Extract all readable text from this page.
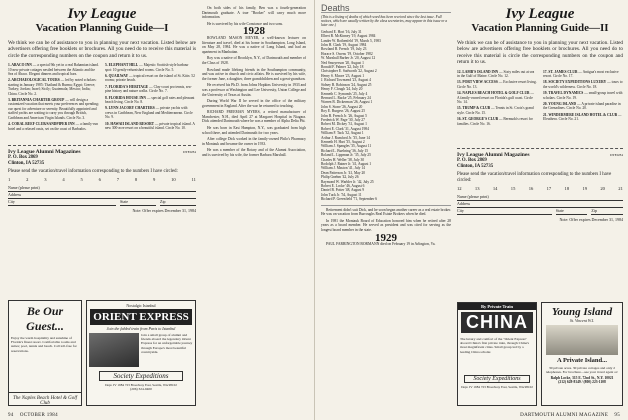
Ivy League
Vacation Planning Guide—I
We think we can be of assistance to you in planning your next vacation. Listed below are advertisers offering free booklets or brochures. All you need do to receive this material is circle the corresponding numbers on the coupon and return it to us.

1. ABACO INN — a special 9th yet in a real Bahamian island. 10 new private cottages nestled between the Atlantic and the Sea of Abaco. Elegant dinners and tropical bars.

2. ARCHAEOLOGICAL TOURS — led by noted scholars: starting in January 1985: Thailand & Burma; Egypt; Greece; Turkey; Jordan; Israel; Sicily; Guatemala; Mexico; India; China. Circle No. 2.

3. BRITANNIA CHARTER GROUP — will design a customized vacation that meets your preferences and spending; our quest for adventure or serenity. Beautifully appointed and staffed yachts are waiting to carry you through British, Caribbean and American Virgin Islands. Circle No. 3.

4. CORAL REEF CLUB/SANDPIPER INN — a family-run hotel and a relaxed oasis, set on the coast of Barbados.

5. ELEPHANT HILL — Majestic Scottish-style harbour spot: 10 gently-refurnished rooms. Circle No. 5.

6. QUAILWAY — tropical resort on the island of St. Kitts: 52 rooms; private beach.

7. FLORIDA'S HERITAGE — Clay-court pro tennis, sea-pine history and nature walks. Circle No. 7.

8. FLORIDA HOUSE INN — special golf rates and pleasant beach living. Circle No. 8.

9. LYNN JACOBY CHARTERS — private yachts with crews in Caribbean, New England and Mediterranean. Circle No. 9.

10. HAWAII ISLAND RESORT — private tropical island. A new 300-acre resort on a beautiful island. Circle No. 10.

Ivy League Alumni Magazines
P. O. Box 2869
Clinton, IA 52735
DTE0/84
Please send the vacation/travel information corresponding to the numbers I have circled:
1	2	3	4	5	6	7	8	9	10	11
Name (please print)
Address
City	State	Zip
Note: Offer expires December 31, 1984

On both sides of his family, Ben was a fourth-generation Dartmouth graduate. A true "Booker" will carry much more information.

He is survived by his wife Constance and two sons.

1928

ROWLAND MASON MEYER, a well-known lecturer on literature and travel, died at his home in Southampton, Long Island, on May 28, 1984. He was a native of Long Island, and had an apartment in Manhattan.

Roy was a native of Brooklyn, N.Y., of Dartmouth and member of the Class of 1928.

Rowland made lifelong friends in the Southampton community, and was active in church and civic affairs. He is survived by his wife, the former Jane, a daughter, three grandchildren and a great-grandson.

He received his Ph.D. from Johns Hopkins University in 1933 and was a professor at Washington and Lee University, Union College and the University of Texas at Austin.

During World War II he served in the office of the military government in England. After the war he returned to teaching.

RICHARD FREEMAN MYERS, a retired manufacturer of Manchester, N.H., died April 27 at Margaret Hospital in Niagara. Dick attended Dartmouth where he was a member of Alpha Delta Phi.

He was born in East Hampton, N.Y., was graduated from high school there, and attended Dartmouth for two years.

After college Dick worked in the family-owned Philo's Pharmacy in Montauk and became the owner in 1933.

He was a member of the Rotary and of the Alumni Association, and is survived by his wife, the former Barbara Marshall.

Be Our Guest...
Enjoy the warm hospitality and sunshine of Florida's finest resort. Comfortable rooms and suites; pool, tennis and beach. Call toll-free for reservations.
The Naples Beach Hotel & Golf Club
Nostalgic Istanbul
ORIENT EXPRESS
Join the fabled train from Paris to Istanbul
Join a small group of alumni and friends aboard the legendary Orient Express for an unforgettable journey through Europe's most beautiful countryside.
Society Expeditions
Dept. IV 1984 723 Broadway East, Seattle, WA 98102
(206) 324-9400
94 OCTOBER 1984
Deaths
(This is a listing of deaths of which word has been received since the last issue. Full notices, which are usually written by the class secretaries, may appear in this issue or a later one.)
Gerhard E. Hort '16, July 31
Elbert B. McKinney '19, August 1984
Lander W. Rothenfeld '19, March 5, 1983
John H. Clark '19, August 1984
Rowland B. French '19, July 23
Horace S. Owens '19, October 1982
W. Marshall Barber Jr. '20, August 12
Ned Smoyerson '20, August 1
Ronald F. Palmer '22, July 18
Christopher E. Sudworth '22, August 2
Henry S. Moore '23, August 1
J. Richard Townsend '23, August 4
Sidney B. Robinson '24, August 25
Henry F. Clough '24, July 20
Kenneth C. Symonds '25, July 4
Bernard L. Racke '25, February 24
Warren B. Dickerman '26, August 1
John S. Stone '26, August 20
Roy E. Burgess '26, August 25
John B. French Jr. '26, August 5
Frederick W. Page '30, July 27
Robert M. Dickey '31, August 1
Robert E. Clark '31, August 1984
William F. Tack '32, August 1
Arthur J. Rumford Jr. '35, June 14
Kenneth H. Hart '35, August 2
William J. Spangles '35, August 11
Richard L. Buehring '36, July 15
Roland L. Lippman Jr. '35, July 25
Charles H. Weller '38, July 30
Rodolph J. Ratner Jr. '41, August 1
William J. Maston '41, July 14
Dean Patterson Jr. '41, May 20
Philip Gnehm '42, July 26
Raymond W. Warbler Jr. '42, July 25
Robert E. Locke '46, August 6
Daniel B. Potter '48, August 9
John Tuck Jr. '54, August 11
Richard P. Greenfield '71, September 6

Retirement didn't suit Dick, and he soon began another career as a real estate broker. He was on vacation from Burroughs Real Estate Brokers when he died.

In 1981 the Montauk Board of Education honored him when he retired after 28 years as a board member. He served as president and was cited for serving as the longest board member in the state.

1929

PAUL FARRINGTON BORMANN died on February 19 in Arlington, Va.

Ivy League
Vacation Planning Guide—II
We think we can be of assistance to you in planning your next vacation. Listed below are advertisers offering free booklets or brochures. All you need do to receive this material is circle the corresponding numbers on the coupon and return it to us.

12. LAMB'S ISLAND INN — Sixty miles out at sea in the Gulf of Maine. Circle No. 12.

13. PORT VIEW ACCESS — Exclusive resort living. Circle No. 13.

14. NAPLES BEACH HOTEL & GOLF CLUB — A family-owned resort on Florida's gulf coast. Circle No. 14.

15. TRUMP & CLUB — Tennis in St. Croix's grand style. Circle No. 15.

16. ST. GEORGE'S CLUB — Bermuda's resort for families. Circle No. 16.

17. ST. JAMES CLUB — Antigua's most exclusive resort. Circle No. 17.

18. SOCIETY EXPEDITIONS LUXURY — tours to the world's wilderness. Circle No. 18.

19. TRAVEL DYNAMICS — small-group travel with scholars. Circle No. 19.

20. YOUNG ISLAND — A private island paradise in the Grenadines. Circle No. 20.

21. WINDERMERE ISLAND HOTEL & CLUB — Eleuthera. Circle No. 21.

Ivy League Alumni Magazines
P. O. Box 2869
Clinton, IA 52735
DTE0/84
Please send the vacation/travel information corresponding to the numbers I have circled:
12	13	14	15	16	17	18	19	20	21
Name (please print)
Address
City	State	Zip
Note: Offer expires December 31, 1984
By Private Train
CHINA
The luxury and comfort of the "Orient Express" aboard China's first private train, through China's most magnificent cities. Small group led by a leading China scholar.
Society Expeditions
Dept. IV 1984 723 Broadway East, Seattle, WA 98102
Young Island
St. Vincent W.I.
A Private Island...
30 private acres. 30 private cottages and only 2 telephones. For brochure—see your travel agent or:
Ralph Locke, 315 E. 72nd St., N.Y. 10021
(212) 628-8149 / (800) 223-1108
DARTMOUTH ALUMNI MAGAZINE 95
